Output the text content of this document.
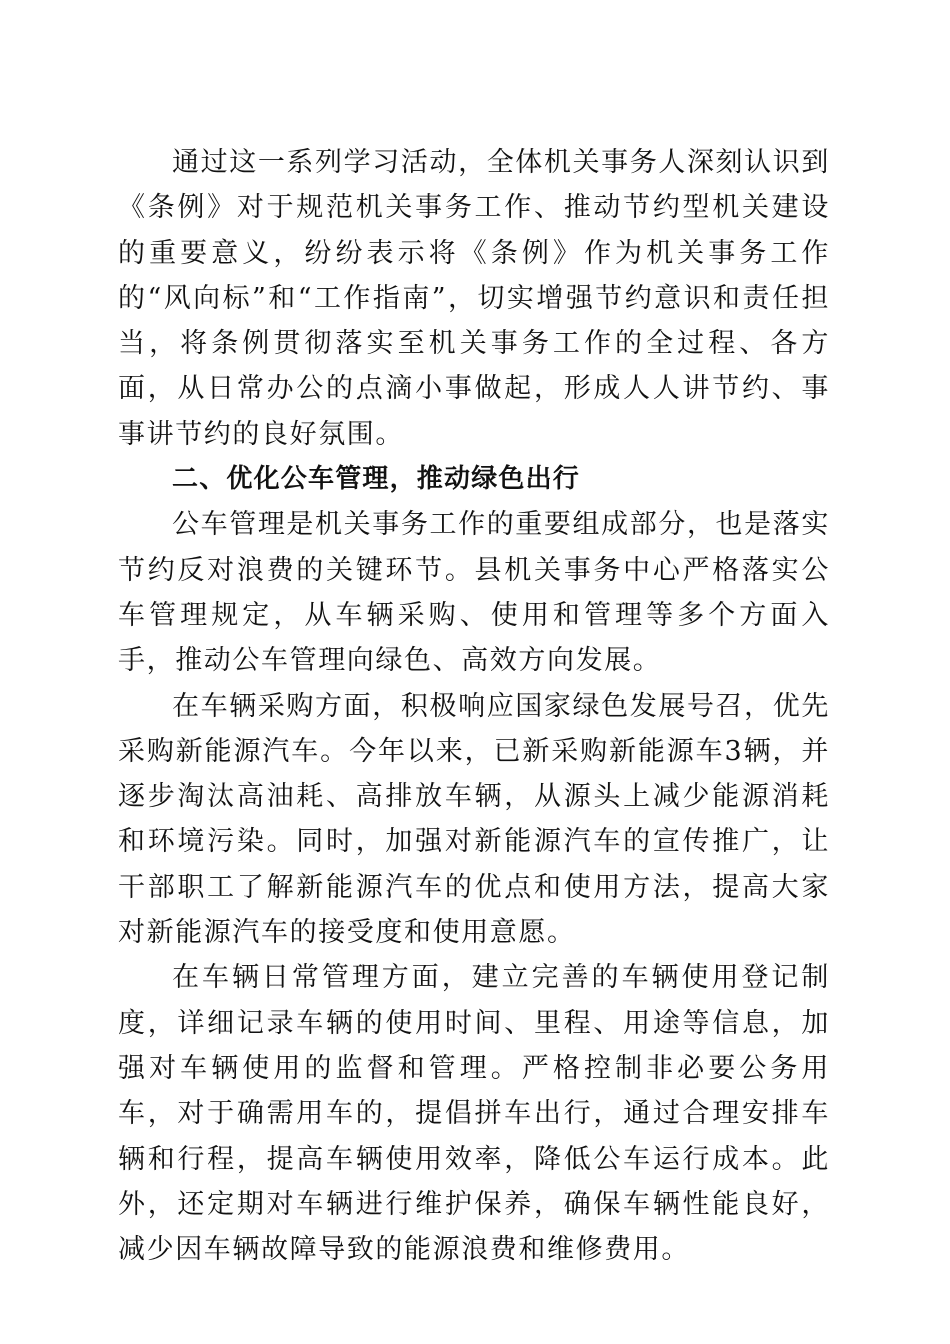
通过这一系列学习活动，全体机关事务人深刻认识到《条例》对于规范机关事务工作、推动节约型机关建设的重要意义，纷纷表示将《条例》作为机关事务工作的“风向标”和“工作指南”，切实增强节约意识和责任担当，将条例贯彻落实至机关事务工作的全过程、各方面，从日常办公的点滴小事做起，形成人人讲节约、事事讲节约的良好氛围。

二、优化公车管理，推动绿色出行

公车管理是机关事务工作的重要组成部分，也是落实节约反对浪费的关键环节。县机关事务中心严格落实公车管理规定，从车辆采购、使用和管理等多个方面入手，推动公车管理向绿色、高效方向发展。

在车辆采购方面，积极响应国家绿色发展号召，优先采购新能源汽车。今年以来，已新采购新能源车3辆，并逐步淘汰高油耗、高排放车辆，从源头上减少能源消耗和环境污染。同时，加强对新能源汽车的宣传推广，让干部职工了解新能源汽车的优点和使用方法，提高大家对新能源汽车的接受度和使用意愿。

在车辆日常管理方面，建立完善的车辆使用登记制度，详细记录车辆的使用时间、里程、用途等信息，加强对车辆使用的监督和管理。严格控制非必要公务用车，对于确需用车的，提倡拼车出行，通过合理安排车辆和行程，提高车辆使用效率，降低公车运行成本。此外，还定期对车辆进行维护保养，确保车辆性能良好，减少因车辆故障导致的能源浪费和维修费用。
